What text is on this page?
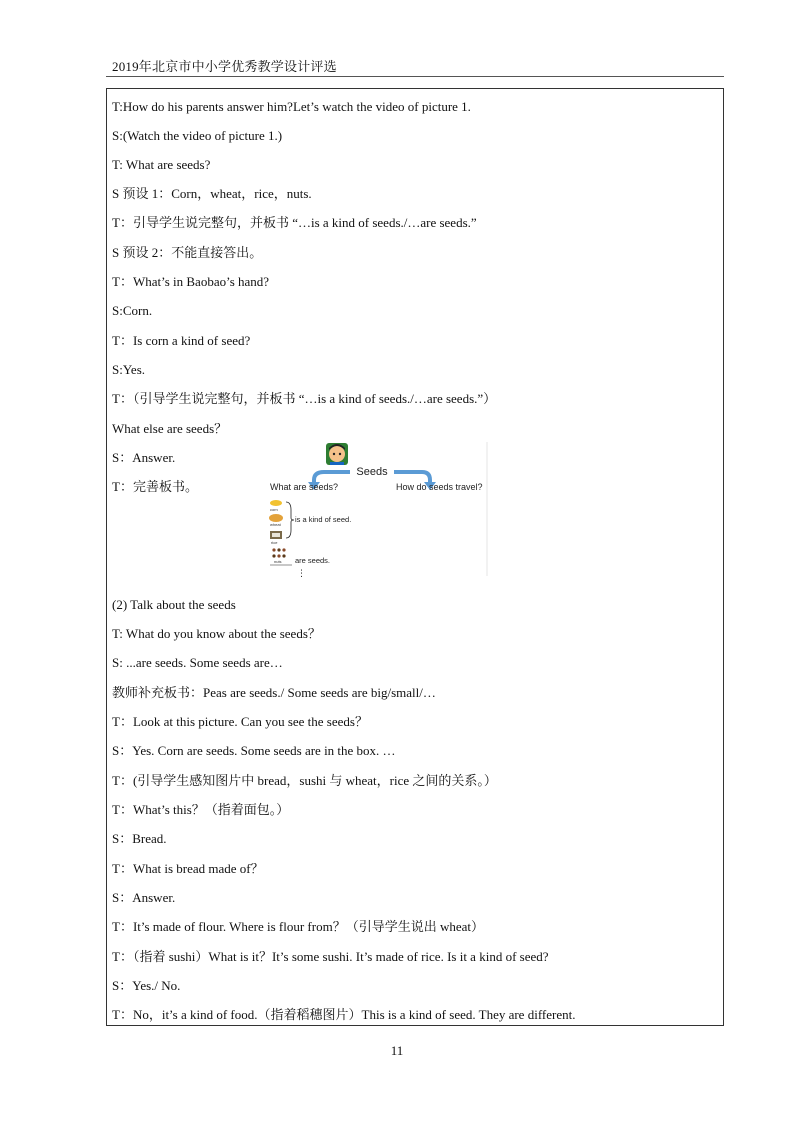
2019年北京市中小学优秀教学设计评选
T:How do his parents answer him?Let’s watch the video of picture 1.
S:(Watch the video of picture 1.)
T: What are seeds?
S 预设 1：Corn，wheat，rice，nuts.
T：引导学生说完整句，并板书 “…is a kind of seeds./…are seeds.”
S 预设 2：不能直接答出。
T：What’s in Baobao’s hand?
S:Corn.
T：Is corn a kind of seed?
S:Yes.
T：（引导学生说完整句，并板书 “…is a kind of seeds./…are seeds.”）
What else are seeds？
S：Answer.
T：完善板书。
Seeds
What are seeds?	How do seeds travel?
corn
wheat
rice
is a kind of seed.
nuts are seeds.
⋮
(2) Talk about the seeds
T: What do you know about the seeds？
S: ...are seeds. Some seeds are…
教师补充板书：Peas are seeds./ Some seeds are big/small/…
T：Look at this picture. Can you see the seeds？
S：Yes. Corn are seeds. Some seeds are in the box. …
T：(引导学生感知图片中 bread，sushi 与 wheat，rice 之间的关系。）
T：What’s this？（指着面包。）
S：Bread.
T：What is bread made of？
S：Answer.
T：It’s made of flour. Where is flour from？（引导学生说出 wheat）
T：（指着 sushi）What is it？It’s some sushi. It’s made of rice. Is it a kind of seed?
S：Yes./ No.
T：No，it’s a kind of food.（指着稻穗图片）This is a kind of seed. They are different.
11
